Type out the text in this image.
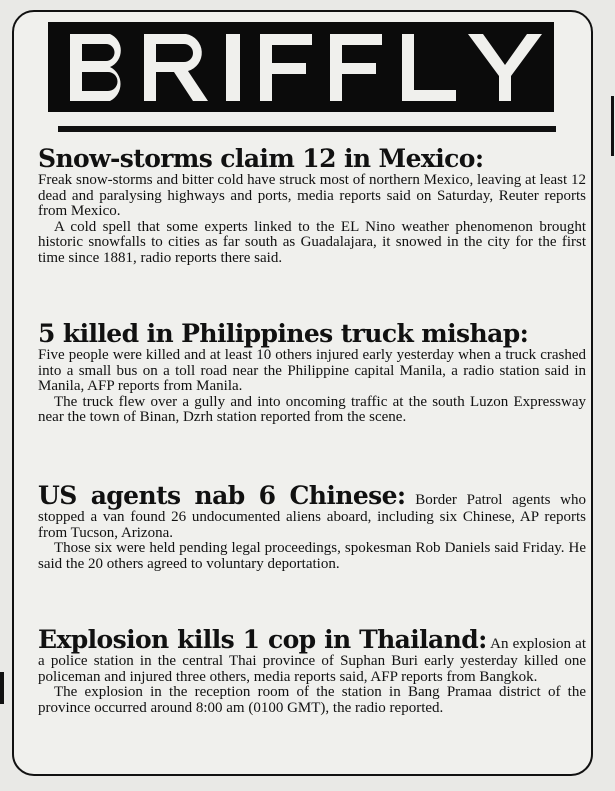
Snow-storms claim 12 in Mexico:

Freak snow-storms and bitter cold have struck most of northern Mexico, leaving at least 12 dead and paralysing highways and ports, media reports said on Saturday, Reuter reports from Mexico.

A cold spell that some experts linked to the EL Nino weather phenomenon brought historic snowfalls to cities as far south as Guadalajara, it snowed in the city for the first time since 1881, radio reports there said.

5 killed in Philippines truck mishap:

Five people were killed and at least 10 others injured early yesterday when a truck crashed into a small bus on a toll road near the Philippine capital Manila, a radio station said in Manila, AFP reports from Manila.

The truck flew over a gully and into oncoming traffic at the south Luzon Expressway near the town of Binan, Dzrh station reported from the scene.

US agents nab 6 Chinese: Border Patrol agents who stopped a van found 26 undocumented aliens aboard, including six Chinese, AP reports from Tucson, Arizona.

Those six were held pending legal proceedings, spokesman Rob Daniels said Friday. He said the 20 others agreed to voluntary deportation.

Explosion kills 1 cop in Thailand: An explosion at a police station in the central Thai province of Suphan Buri early yesterday killed one policeman and injured three others, media reports said, AFP reports from Bangkok.

The explosion in the reception room of the station in Bang Pramaa district of the province occurred around 8:00 am (0100 GMT), the radio reported.
